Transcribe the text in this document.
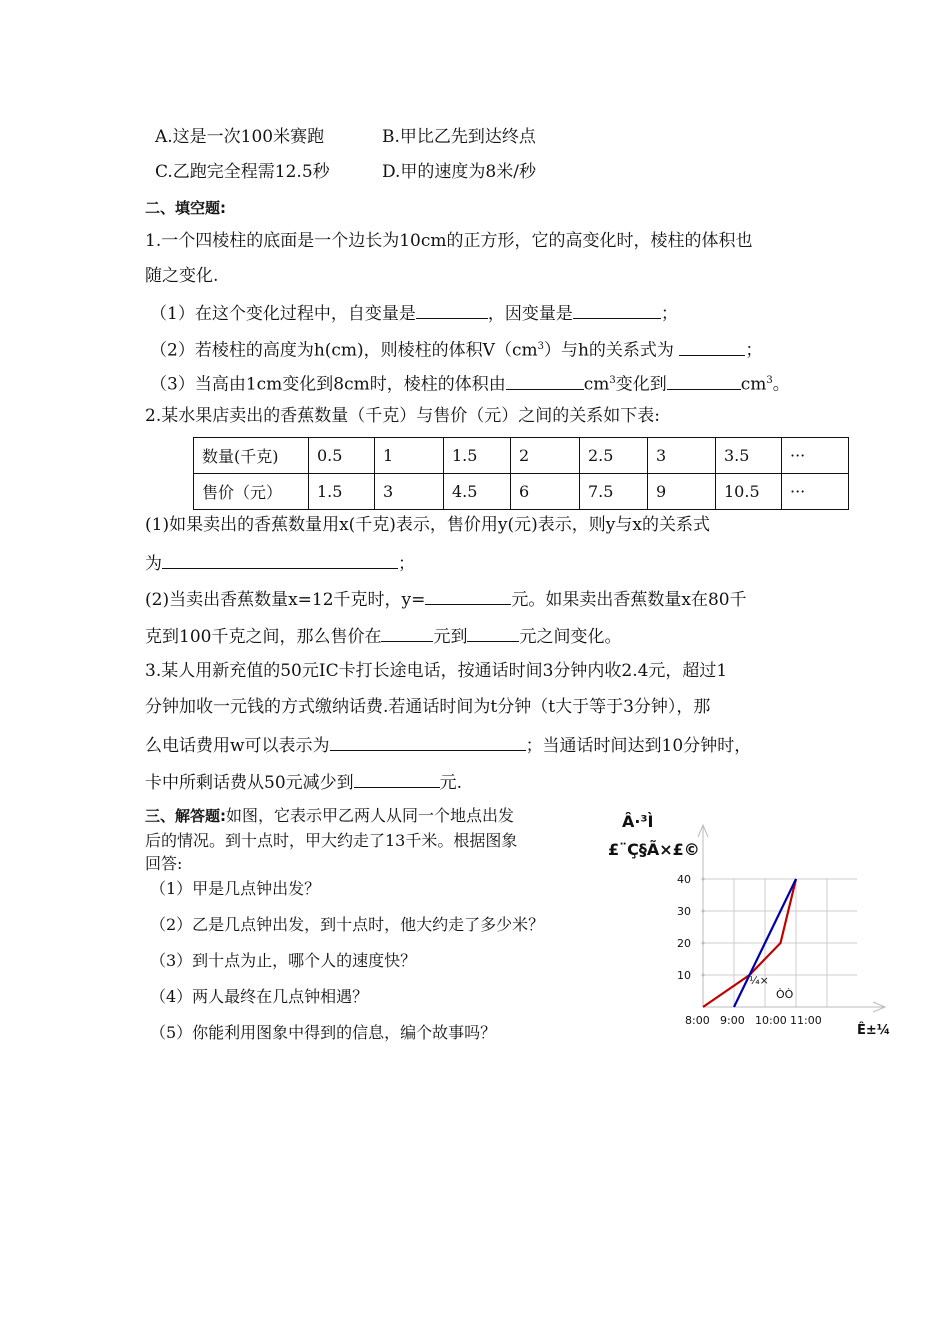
A.这是一次100米赛跑	B.甲比乙先到达终点
C.乙跑完全程需12.5秒	D.甲的速度为8米/秒
二、填空题:
1.一个四棱柱的底面是一个边长为10cm的正方形，它的高变化时，棱柱的体积也
随之变化.
（1）在这个变化过程中，自变量是	，因变量是	；
（2）若棱柱的高度为h(cm)，则棱柱的体积$V(cm^3)$与h的关系式为	；
（3）当高由1cm变化到8cm时，棱柱的体积由	$cm^3$变化到	$cm^3$。
2.某水果店卖出的香蕉数量（千克）与售价（元）之间的关系如下表:
数量(千克)	0.5	1	1.5	2	2.5	3	3.5	···
售价（元）	1.5	3	4.5	6	7.5	9	10.5	···
(1)如果卖出的香蕉数量用x(千克)表示，售价用y(元)表示，则y与x的关系式
为	；
(2)当卖出香蕉数量x=12千克时，y=	元。如果卖出香蕉数量x在80千
克到100千克之间，那么售价在	元到	元之间变化。
3.某人用新充值的50元IC卡打长途电话，按通话时间3分钟内收2.4元，超过1
分钟加收一元钱的方式缴纳话费.若通话时间为t分钟（t大于等于3分钟），那
么电话费用w可以表示为	；当通话时间达到10分钟时，
卡中所剩话费从50元减少到	元.
三、解答题:如图，它表示甲乙两人从同一个地点出发
后的情况。到十点时，甲大约走了13千米。根据图象
回答:
（1）甲是几点钟出发？
（2）乙是几点钟出发，到十点时，他大约走了多少米？
（3）到十点为止，哪个人的速度快？
（4）两人最终在几点钟相遇？
（5）你能利用图象中得到的信息，编个故事吗？
Â·³Ì
£¨Ç§Ã×£©
10
20
30
40
8:00 9:00 10:00 11:00
¼×
ÒÒ
Ê±¼
